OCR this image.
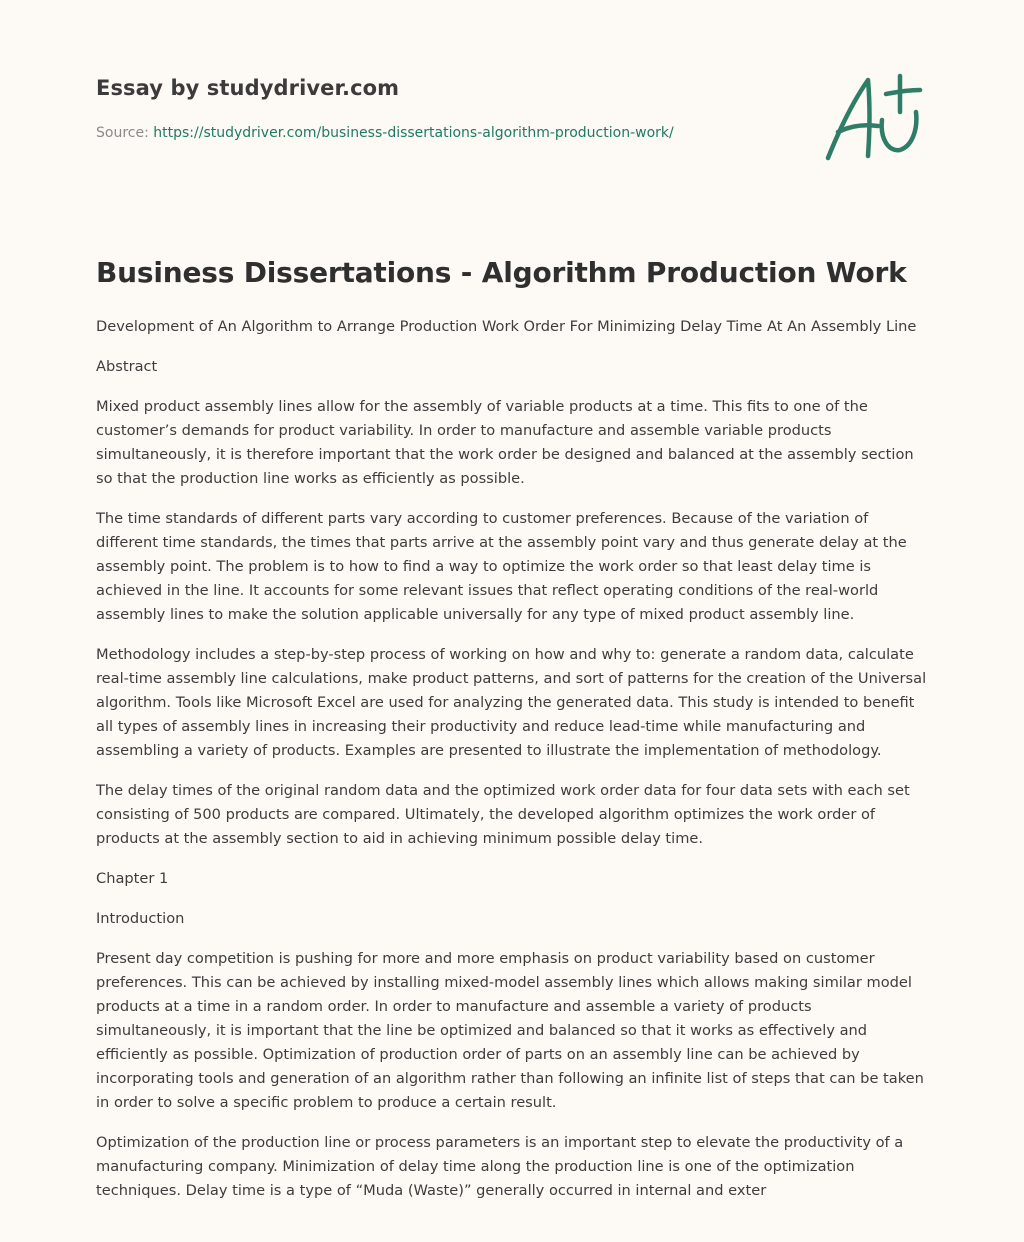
Essay by studydriver.com
Source: https://studydriver.com/business-dissertations-algorithm-production-work/
Business Dissertations - Algorithm Production Work

Development of An Algorithm to Arrange Production Work Order For Minimizing Delay Time At An Assembly Line

Abstract

Mixed product assembly lines allow for the assembly of variable products at a time. This fits to one of the customer’s demands for product variability. In order to manufacture and assemble variable products simultaneously, it is therefore important that the work order be designed and balanced at the assembly section so that the production line works as efficiently as possible.

The time standards of different parts vary according to customer preferences. Because of the variation of different time standards, the times that parts arrive at the assembly point vary and thus generate delay at the assembly point. The problem is to how to find a way to optimize the work order so that least delay time is achieved in the line. It accounts for some relevant issues that reflect operating conditions of the real-world assembly lines to make the solution applicable universally for any type of mixed product assembly line.

Methodology includes a step-by-step process of working on how and why to: generate a random data, calculate real-time assembly line calculations, make product patterns, and sort of patterns for the creation of the Universal algorithm. Tools like Microsoft Excel are used for analyzing the generated data. This study is intended to benefit all types of assembly lines in increasing their productivity and reduce lead-time while manufacturing and assembling a variety of products. Examples are presented to illustrate the implementation of methodology.

The delay times of the original random data and the optimized work order data for four data sets with each set consisting of 500 products are compared. Ultimately, the developed algorithm optimizes the work order of products at the assembly section to aid in achieving minimum possible delay time.

Chapter 1

Introduction

Present day competition is pushing for more and more emphasis on product variability based on customer preferences. This can be achieved by installing mixed-model assembly lines which allows making similar model products at a time in a random order. In order to manufacture and assemble a variety of products simultaneously, it is important that the line be optimized and balanced so that it works as effectively and efficiently as possible. Optimization of production order of parts on an assembly line can be achieved by incorporating tools and generation of an algorithm rather than following an infinite list of steps that can be taken in order to solve a specific problem to produce a certain result.

Optimization of the production line or process parameters is an important step to elevate the productivity of a manufacturing company. Minimization of delay time along the production line is one of the optimization techniques. Delay time is a type of “Muda (Waste)” generally occurred in internal and exter
